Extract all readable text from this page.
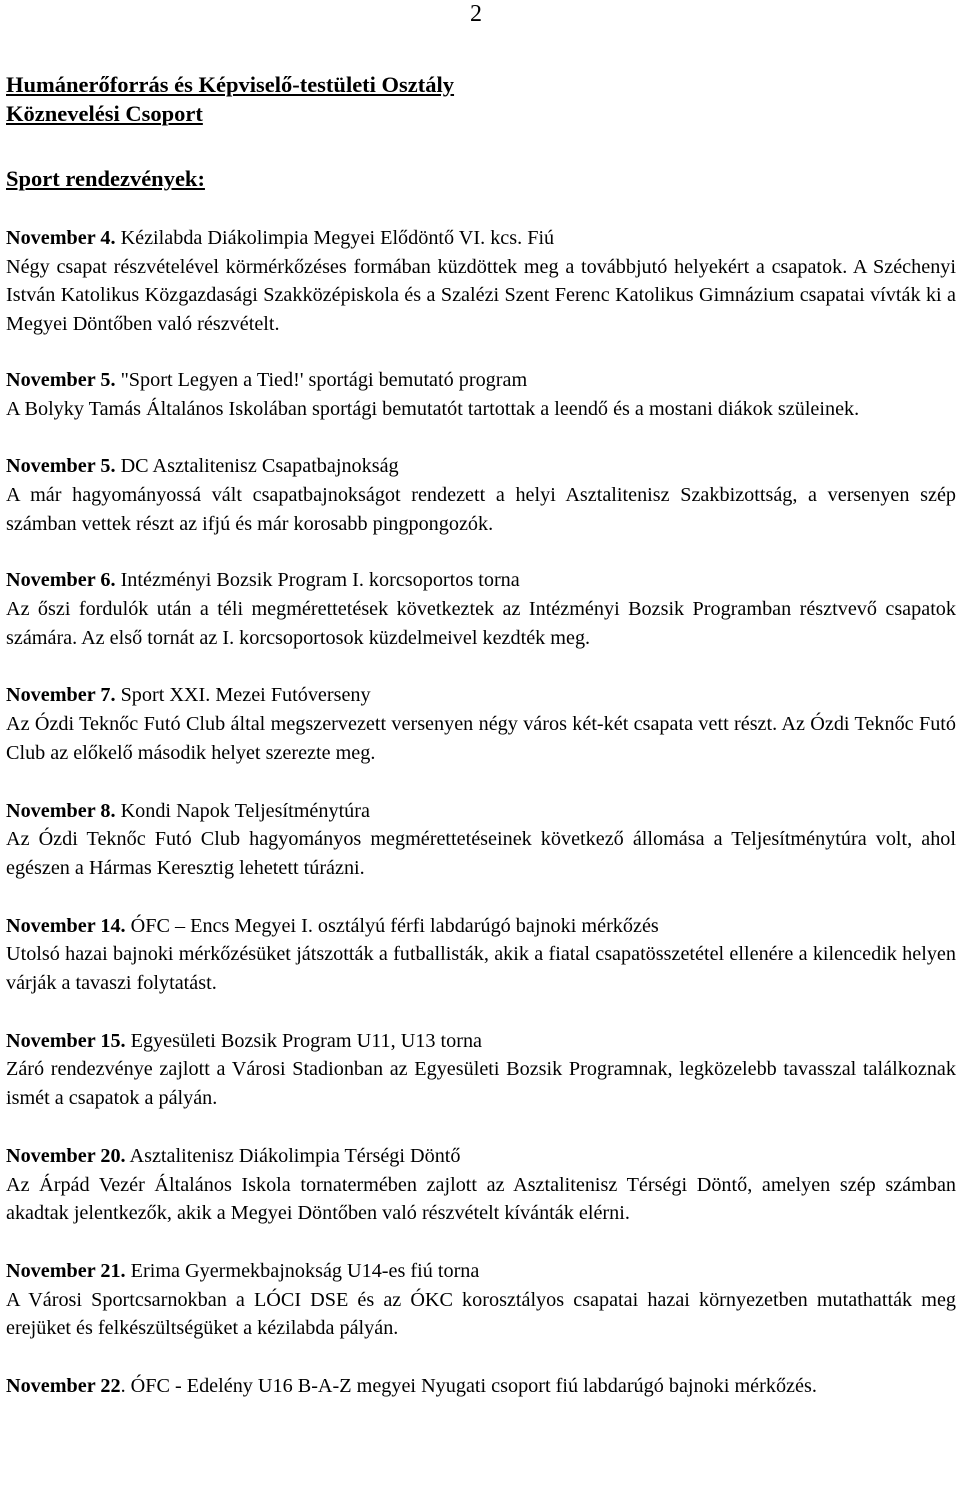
2

Humánerőforrás és Képviselő-testületi Osztály

Köznevelési Csoport

Sport rendezvények:

November 4. Kézilabda Diákolimpia Megyei Elődöntő VI. kcs. Fiú

Négy csapat részvételével körmérkőzéses formában küzdöttek meg a továbbjutó helyekért a csapatok. A Széchenyi István Katolikus Közgazdasági Szakközépiskola és a Szalézi Szent Ferenc Katolikus Gimnázium csapatai vívták ki a Megyei Döntőben való részvételt.

November 5. "Sport Legyen a Tied!' sportági bemutató program

A Bolyky Tamás Általános Iskolában sportági bemutatót tartottak a leendő és a mostani diákok szüleinek.

November 5. DC Asztalitenisz Csapatbajnokság

A már hagyományossá vált csapatbajnokságot rendezett a helyi Asztalitenisz Szakbizottság, a versenyen szép számban vettek részt az ifjú és már korosabb pingpongozók.

November 6. Intézményi Bozsik Program I. korcsoportos torna

Az őszi fordulók után a téli megmérettetések következtek az Intézményi Bozsik Programban résztvevő csapatok számára. Az első tornát az I. korcsoportosok küzdelmeivel kezdték meg.

November 7. Sport XXI. Mezei Futóverseny

Az Ózdi Teknőc Futó Club által megszervezett versenyen négy város két-két csapata vett részt. Az Ózdi Teknőc Futó Club az előkelő második helyet szerezte meg.

November 8. Kondi Napok Teljesítménytúra

Az Ózdi Teknőc Futó Club hagyományos megmérettetéseinek következő állomása a Teljesítménytúra volt, ahol egészen a Hármas Keresztig lehetett túrázni.

November 14. ÓFC – Encs Megyei I. osztályú férfi labdarúgó bajnoki mérkőzés

Utolsó hazai bajnoki mérkőzésüket játszották a futballisták, akik a fiatal csapatösszetétel ellenére a kilencedik helyen várják a tavaszi folytatást.

November 15. Egyesületi Bozsik Program U11, U13 torna

Záró rendezvénye zajlott a Városi Stadionban az Egyesületi Bozsik Programnak, legközelebb tavasszal találkoznak ismét a csapatok a pályán.

November 20. Asztalitenisz Diákolimpia Térségi Döntő

Az Árpád Vezér Általános Iskola tornatermében zajlott az Asztalitenisz Térségi Döntő, amelyen szép számban akadtak jelentkezők, akik a Megyei Döntőben való részvételt kívánták elérni.

November 21. Erima Gyermekbajnokság U14-es fiú torna

A Városi Sportcsarnokban a LÓCI DSE és az ÓKC korosztályos csapatai hazai környezetben mutathatták meg erejüket és felkészültségüket a kézilabda pályán.

November 22. ÓFC - Edelény U16 B-A-Z megyei Nyugati csoport fiú labdarúgó bajnoki mérkőzés.
